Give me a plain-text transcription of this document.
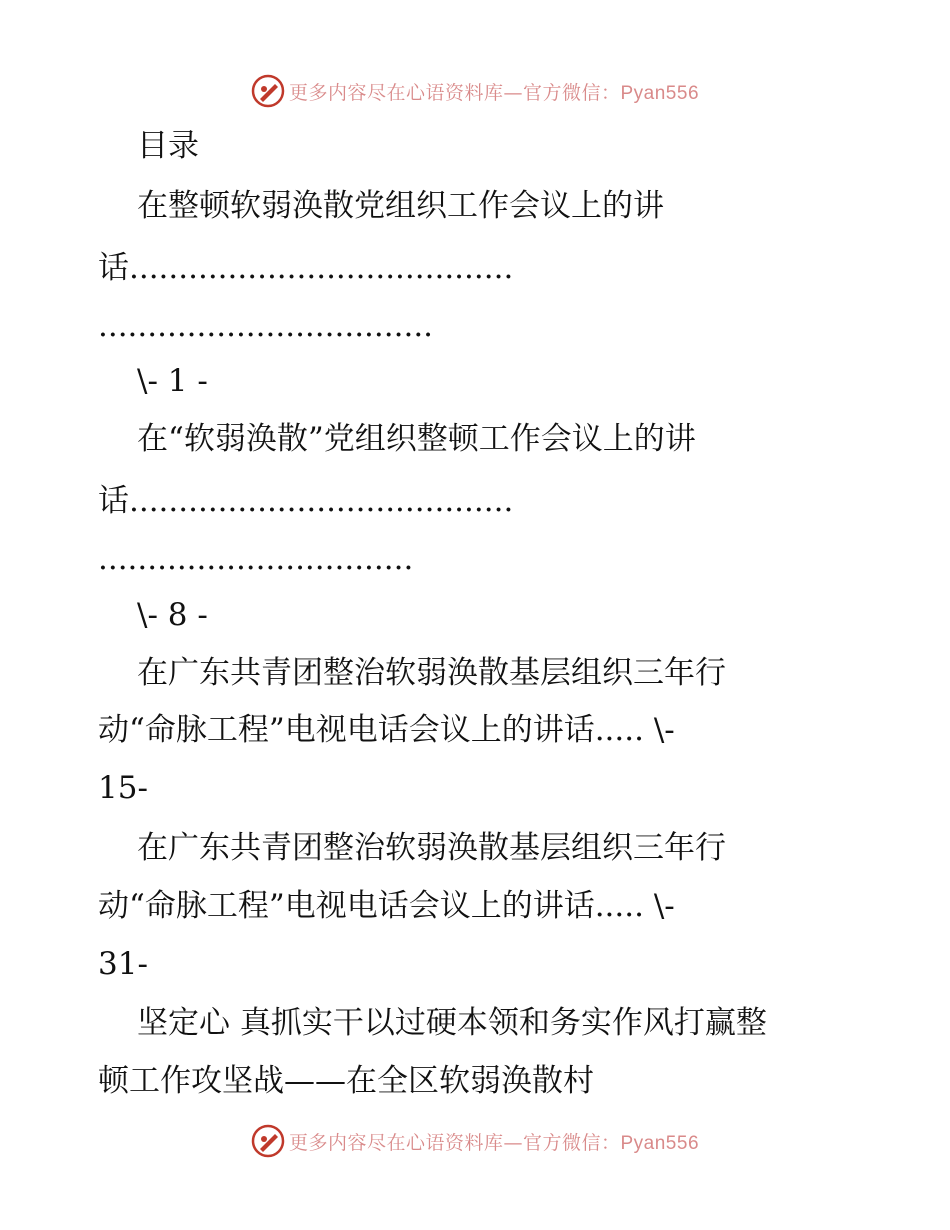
更多内容尽在心语资料库—官方微信：Pyan556
目录
在整顿软弱涣散党组织工作会议上的讲
话.......................................
..................................
\- 1 -
在“软弱涣散”党组织整顿工作会议上的讲
话.......................................
................................
\- 8 -
在广东共青团整治软弱涣散基层组织三年行
动“命脉工程”电视电话会议上的讲话..... \-
15-
在广东共青团整治软弱涣散基层组织三年行
动“命脉工程”电视电话会议上的讲话..... \-
31-
坚定心 真抓实干以过硬本领和务实作风打赢整
顿工作攻坚战——在全区软弱涣散村
更多内容尽在心语资料库—官方微信：Pyan556
